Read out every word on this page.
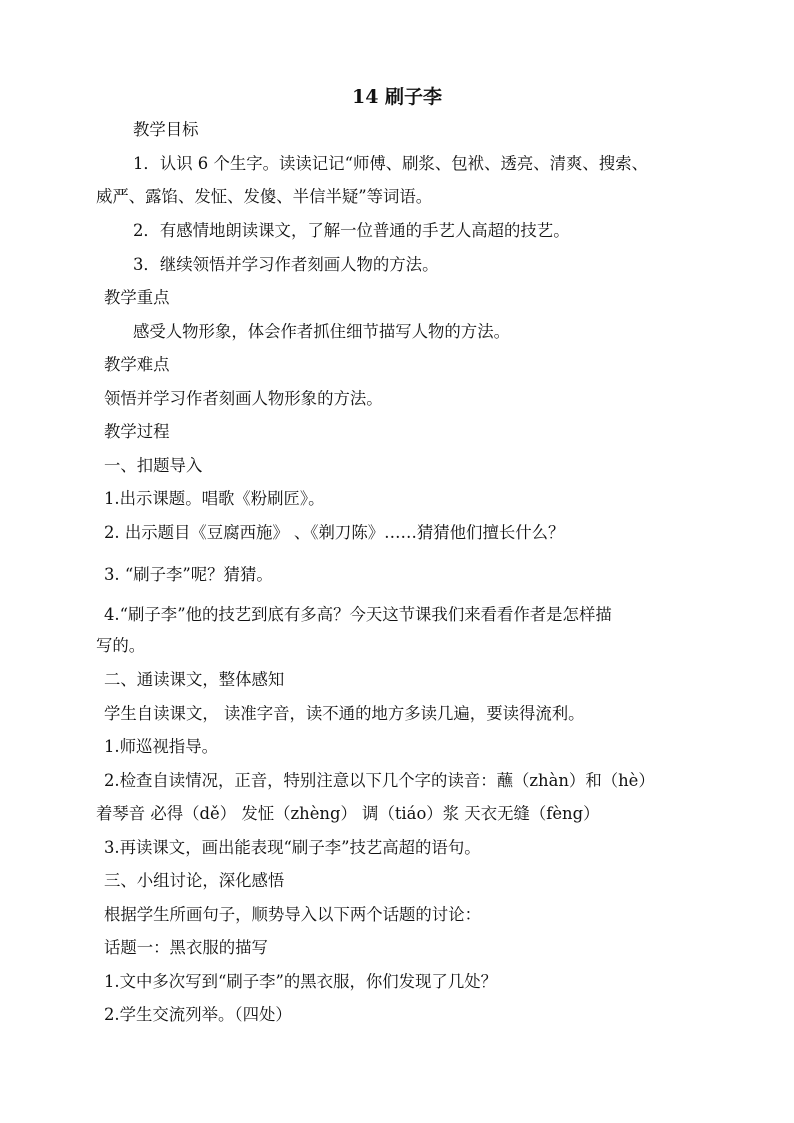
14 刷子李
教学目标
1．认识 6 个生字。读读记记“师傅、刷浆、包袱、透亮、清爽、搜索、
威严、露馅、发怔、发傻、半信半疑”等词语。
2．有感情地朗读课文，了解一位普通的手艺人高超的技艺。
3．继续领悟并学习作者刻画人物的方法。
教学重点
感受人物形象，体会作者抓住细节描写人物的方法。
教学难点
领悟并学习作者刻画人物形象的方法。
教学过程
一、扣题导入
1.出示课题。唱歌《粉刷匠》。
2. 出示题目《豆腐西施》 、《剃刀陈》……猜猜他们擅长什么？
3. “刷子李”呢？猜猜。
4.“刷子李”他的技艺到底有多高？今天这节课我们来看看作者是怎样描
写的。
二、通读课文，整体感知
学生自读课文， 读准字音，读不通的地方多读几遍，要读得流利。
1.师巡视指导。
2.检查自读情况，正音，特别注意以下几个字的读音：蘸（zhàn）和（hè）
着琴音 必得（dě） 发怔（zhèng） 调（tiáo）浆 天衣无缝（fèng）
3.再读课文，画出能表现“刷子李”技艺高超的语句。
三、小组讨论，深化感悟
根据学生所画句子，顺势导入以下两个话题的讨论：
话题一：黑衣服的描写
1.文中多次写到“刷子李”的黑衣服，你们发现了几处？
2.学生交流列举。（四处）
